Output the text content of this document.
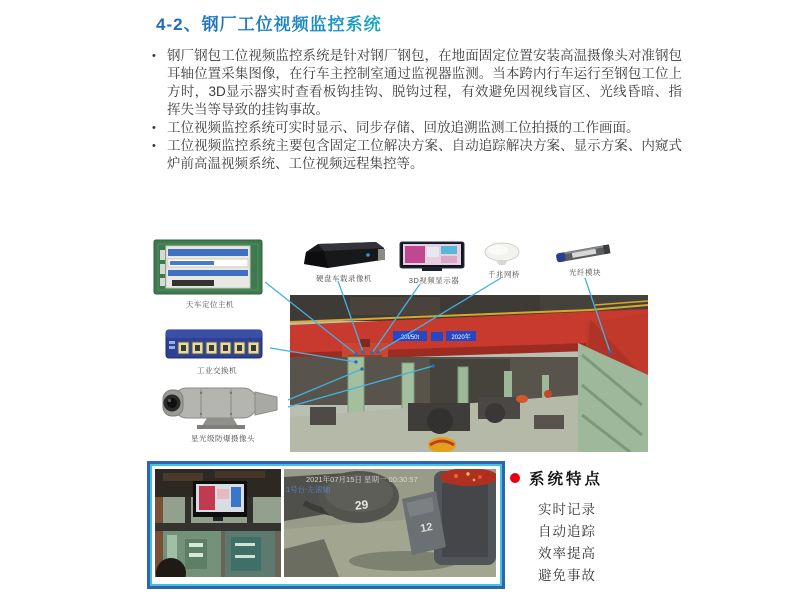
4-2、钢厂工位视频监控系统
• 钢厂钢包工位视频监控系统是针对钢厂钢包，在地面固定位置安装高温摄像头对准钢包耳轴位置采集图像，在行车主控制室通过监视器监测。当本跨内行车运行至钢包工位上方时，3D显示器实时查看板钩挂钩、脱钩过程，有效避免因视线盲区、光线昏暗、指挥失当等导致的挂钩事故。
• 工位视频监控系统可实时显示、同步存储、回放追溯监测工位拍摄的工作画面。
• 工位视频监控系统主要包含固定工位解决方案、自动追踪解决方案、显示方案、内窥式炉前高温视频系统、工位视频远程集控等。
天车定位主机
硬盘车载录像机	3D视频显示器
千兆网桥	光纤模块
工业交换机
星光级防爆摄像头
20t/50t	2020年
29
12
2021年07月15日 星期一 00:30:57
1号台-左滚轴
系统特点
实时记录
自动追踪
效率提高
避免事故
